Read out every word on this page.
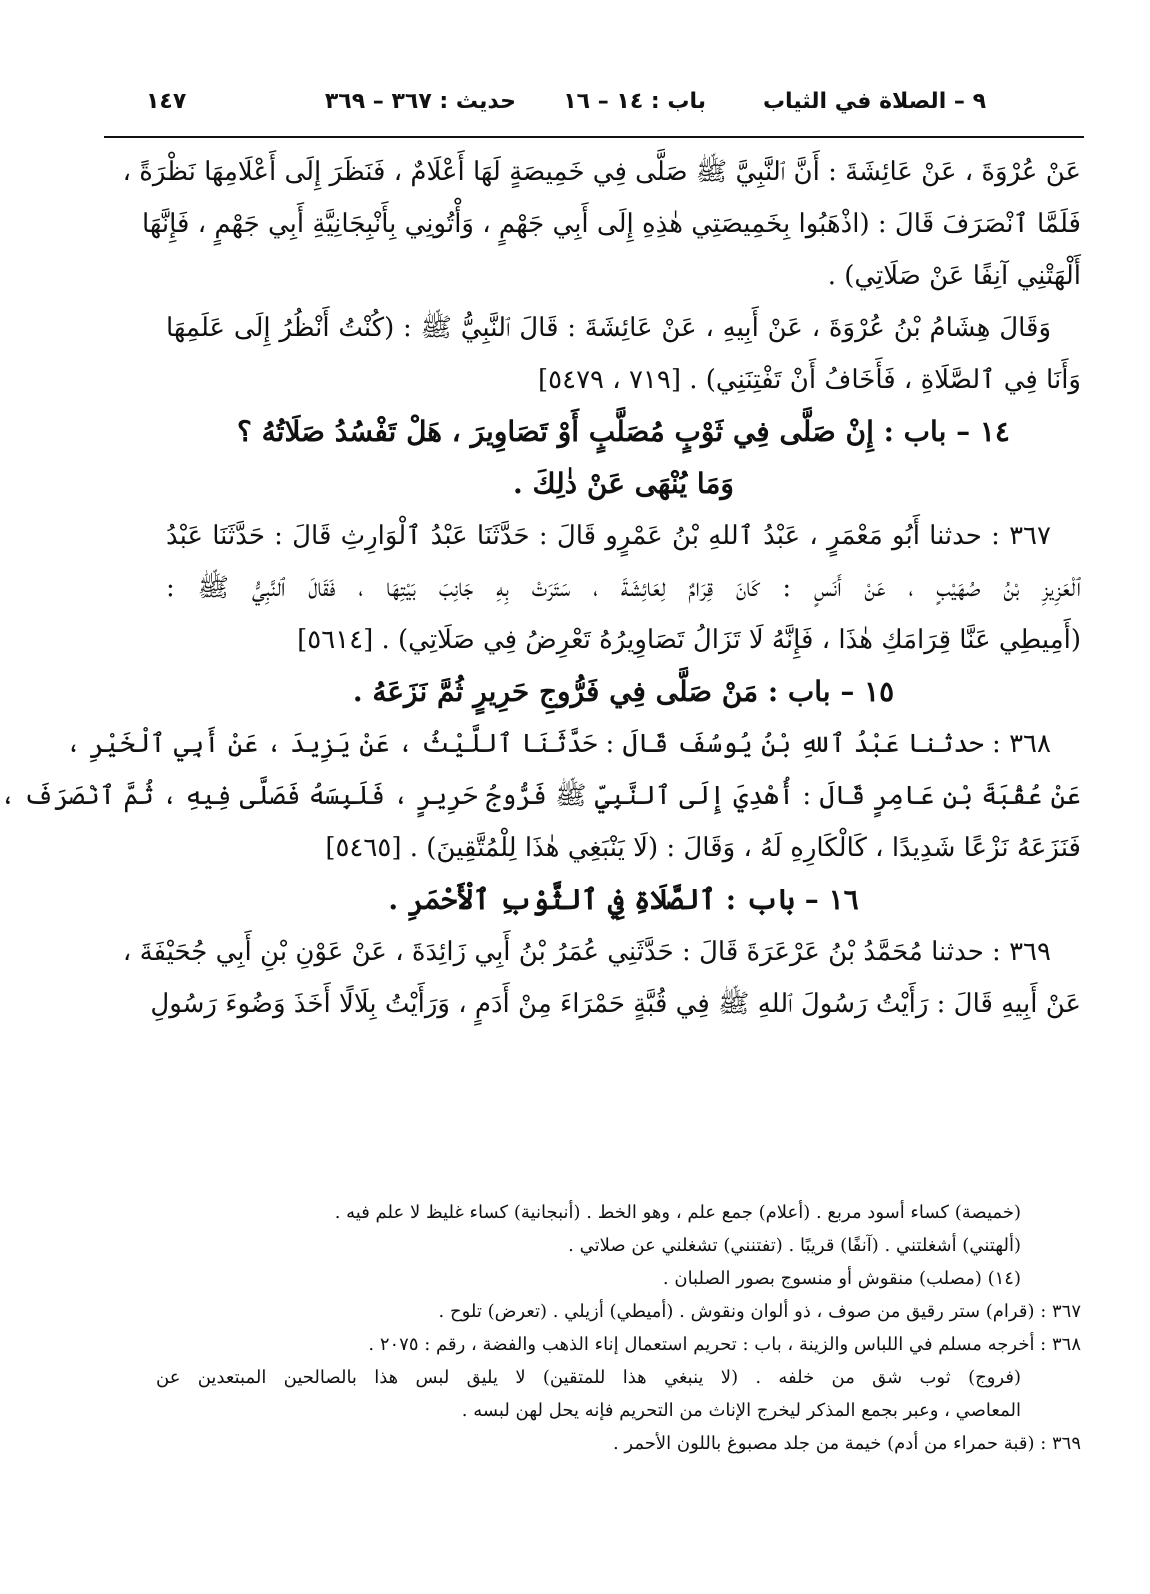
٩ – الصلاة في الثياب
باب : ١٤ – ١٦
حديث : ٣٦٧ – ٣٦٩
١٤٧
عَنْ عُرْوَةَ ، عَنْ عَائِشَةَ : أَنَّ ٱلنَّبِيَّ ﷺ صَلَّى فِي خَمِيصَةٍ لَهَا أَعْلَامٌ ، فَنَظَرَ إِلَى أَعْلَامِهَا نَظْرَةً ،
فَلَمَّا ٱنْصَرَفَ قَالَ : (اذْهَبُوا بِخَمِيصَتِي هٰذِهِ إِلَى أَبِي جَهْمٍ ، وَأْتُونِي بِأَنْبِجَانِيَّةِ أَبِي جَهْمٍ ، فَإِنَّهَا
أَلْهَتْنِي آنِفًا عَنْ صَلَاتِي) .
وَقَالَ هِشَامُ بْنُ عُرْوَةَ ، عَنْ أَبِيهِ ، عَنْ عَائِشَةَ : قَالَ ٱلنَّبِيُّ ﷺ : (كُنْتُ أَنْظُرُ إِلَى عَلَمِهَا
وَأَنَا فِي ٱلصَّلَاةِ ، فَأَخَافُ أَنْ تَفْتِنَنِي) . [٧١٩ ، ٥٤٧٩]
١٤ – باب : إِنْ صَلَّى فِي ثَوْبٍ مُصَلَّبٍ أَوْ تَصَاوِيرَ ، هَلْ تَفْسُدُ صَلَاتُهُ ؟
وَمَا يُنْهَى عَنْ ذٰلِكَ .
٣٦٧ : حدثنا أَبُو مَعْمَرٍ ، عَبْدُ ٱللهِ بْنُ عَمْرٍو قَالَ : حَدَّثَنَا عَبْدُ ٱلْوَارِثِ قَالَ : حَدَّثَنَا عَبْدُ
ٱلْعَزِيزِ بْنُ صُهَيْبٍ ، عَنْ أَنَسٍ : كَانَ قِرَامٌ لِعَائِشَةَ ، سَتَرَتْ بِهِ جَانِبَ بَيْتِهَا ، فَقَالَ ٱلنَّبِيُّ ﷺ :
(أَمِيطِي عَنَّا قِرَامَكِ هٰذَا ، فَإِنَّهُ لَا تَزَالُ تَصَاوِيرُهُ تَعْرِضُ فِي صَلَاتِي) . [٥٦١٤]
١٥ – باب : مَنْ صَلَّى فِي فَرُّوجِ حَرِيرٍ ثُمَّ نَزَعَهُ .
٣٦٨ : حدثنا عَبْدُ ٱللهِ بْنُ يُوسُفَ قَالَ : حَدَّثَنَا ٱللَّيْثُ ، عَنْ يَزِيدَ ، عَنْ أَبِي ٱلْخَيْرِ ،
عَنْ عُقْبَةَ بْنِ عَامِرٍ قَالَ : أُهْدِيَ إِلَى ٱلنَّبِيِّ ﷺ فَرُّوجُ حَرِيرٍ ، فَلَبِسَهُ فَصَلَّى فِيهِ ، ثُمَّ ٱنْصَرَفَ ،
فَنَزَعَهُ نَزْعًا شَدِيدًا ، كَالْكَارِهِ لَهُ ، وَقَالَ : (لَا يَنْبَغِي هٰذَا لِلْمُتَّقِينَ) . [٥٤٦٥]
١٦ – باب : ٱلصَّلَاةِ فِي ٱلثَّوْبِ ٱلْأَحْمَرِ .
٣٦٩ : حدثنا مُحَمَّدُ بْنُ عَرْعَرَةَ قَالَ : حَدَّثَنِي عُمَرُ بْنُ أَبِي زَائِدَةَ ، عَنْ عَوْنِ بْنِ أَبِي جُحَيْفَةَ ،
عَنْ أَبِيهِ قَالَ : رَأَيْتُ رَسُولَ ٱللهِ ﷺ فِي قُبَّةٍ حَمْرَاءَ مِنْ أَدَمٍ ، وَرَأَيْتُ بِلَالًا أَخَذَ وَضُوءَ رَسُولِ
(خميصة) كساء أسود مربع . (أعلام) جمع علم ، وهو الخط . (أنبجانية) كساء غليظ لا علم فيه .
(ألهتني) أشغلتني . (آنفًا) قريبًا . (تفتنني) تشغلني عن صلاتي .
(١٤) (مصلب) منقوش أو منسوج بصور الصلبان .
٣٦٧ : (قرام) ستر رقيق من صوف ، ذو ألوان ونقوش . (أميطي) أزيلي . (تعرض) تلوح .
٣٦٨ : أخرجه مسلم في اللباس والزينة ، باب : تحريم استعمال إناء الذهب والفضة ، رقم : ٢٠٧٥ .
(فروج) ثوب شق من خلفه . (لا ينبغي هذا للمتقين) لا يليق لبس هذا بالصالحين المبتعدين عن
المعاصي ، وعبر بجمع المذكر ليخرج الإناث من التحريم فإنه يحل لهن لبسه .
٣٦٩ : (قبة حمراء من أدم) خيمة من جلد مصبوغ باللون الأحمر .
